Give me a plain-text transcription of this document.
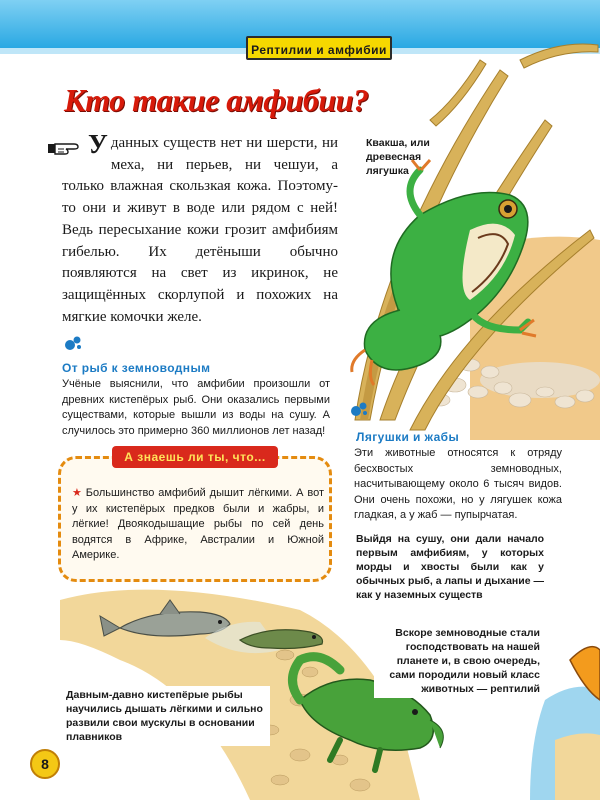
Рептилии и амфибии
Кто такие амфибии?
У данных существ нет ни шерсти, ни меха, ни перьев, ни чешуи, а только влажная скользкая кожа. Поэтому-то они и живут в воде или рядом с ней! Ведь пересыхание кожи грозит амфибиям гибелью. Их детёныши обычно появляются на свет из икринок, не защищённых скорлупой и похожих на мягкие комочки желе.
Квакша, или
древесная
лягушка
От рыб к земноводным
Учёные выяснили, что амфибии произошли от древних кистепёрых рыб. Они оказались первыми существами, которые вышли из воды на сушу. А случилось это примерно 360 миллионов лет назад!	Лягушки и жабы
Эти животные относятся к отряду бесхвостых земноводных, насчитывающему около 6 тысяч видов. Они очень похожи, но у лягушек кожа гладкая, а у жаб — пупырчатая.
А знаешь ли ты, что...
★ Большинство амфибий дышит лёгкими. А вот у их кистепёрых предков были и жабры, и лёгкие! Двоякодышащие рыбы по сей день водятся в Африке, Австралии и Южной Америке.
Выйдя на сушу, они дали начало первым амфибиям, у которых морды и хвосты были как у обычных рыб, а лапы и дыхание — как у наземных существ
Вскоре земноводные стали господствовать на нашей планете и, в свою очередь, сами породили новый класс животных — рептилий
Давным-давно кистепёрые рыбы научились дышать лёгкими и сильно развили свои мускулы в основании плавников
8
